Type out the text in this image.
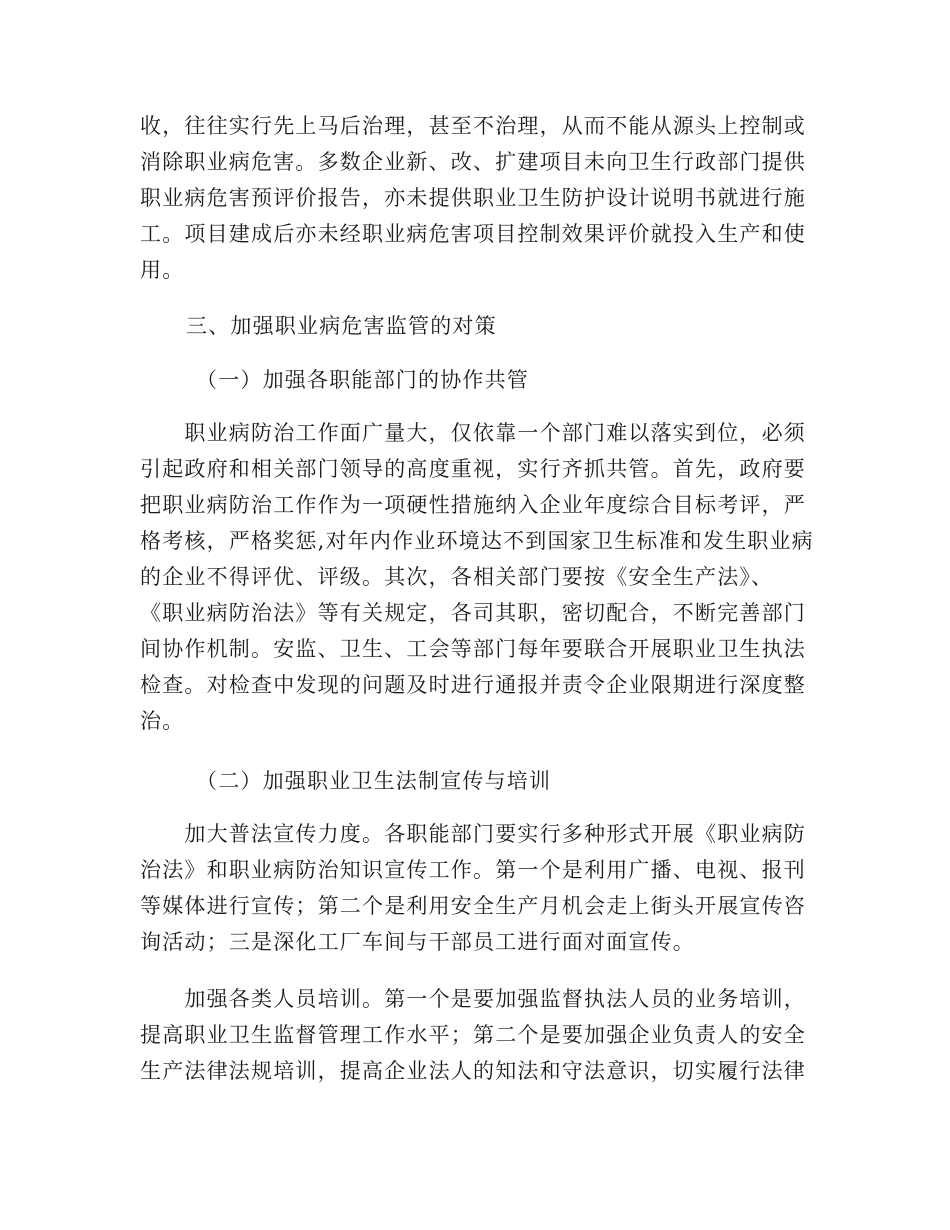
收，往往实行先上马后治理，甚至不治理，从而不能从源头上控制或
消除职业病危害。多数企业新、改、扩建项目未向卫生行政部门提供
职业病危害预评价报告，亦未提供职业卫生防护设计说明书就进行施
工。项目建成后亦未经职业病危害项目控制效果评价就投入生产和使
用。
三、加强职业病危害监管的对策
（一）加强各职能部门的协作共管
　　职业病防治工作面广量大，仅依靠一个部门难以落实到位，必须
引起政府和相关部门领导的高度重视，实行齐抓共管。首先，政府要
把职业病防治工作作为一项硬性措施纳入企业年度综合目标考评，严
格考核，严格奖惩,对年内作业环境达不到国家卫生标准和发生职业病
的企业不得评优、评级。其次，各相关部门要按《安全生产法》、
《职业病防治法》等有关规定，各司其职，密切配合，不断完善部门
间协作机制。安监、卫生、工会等部门每年要联合开展职业卫生执法
检查。对检查中发现的问题及时进行通报并责令企业限期进行深度整
治。
（二）加强职业卫生法制宣传与培训
　　加大普法宣传力度。各职能部门要实行多种形式开展《职业病防
治法》和职业病防治知识宣传工作。第一个是利用广播、电视、报刊
等媒体进行宣传；第二个是利用安全生产月机会走上街头开展宣传咨
询活动；三是深化工厂车间与干部员工进行面对面宣传。
　　加强各类人员培训。第一个是要加强监督执法人员的业务培训，
提高职业卫生监督管理工作水平；第二个是要加强企业负责人的安全
生产法律法规培训，提高企业法人的知法和守法意识，切实履行法律
